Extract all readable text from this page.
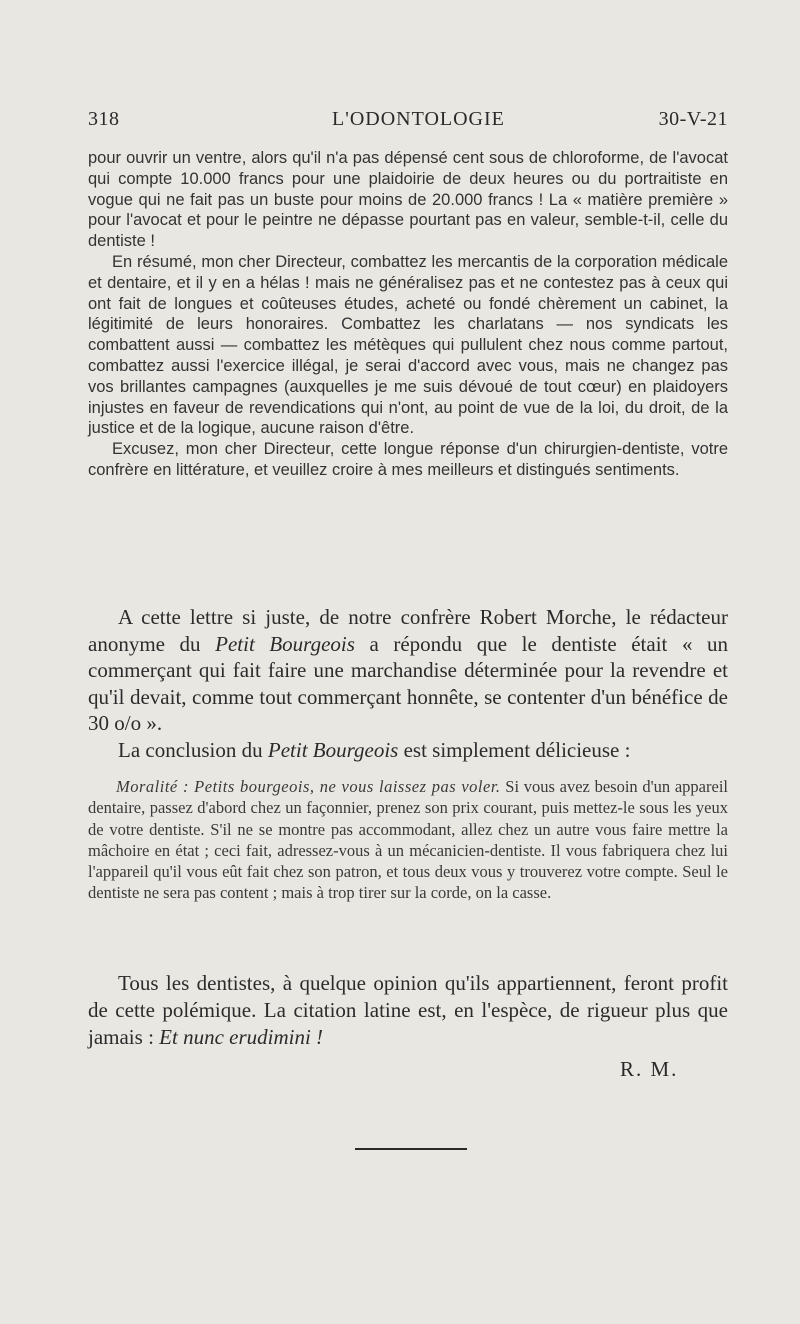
318	L'ODONTOLOGIE	30-V-21

pour ouvrir un ventre, alors qu'il n'a pas dépensé cent sous de chloroforme, de l'avocat qui compte 10.000 francs pour une plaidoirie de deux heures ou du portraitiste en vogue qui ne fait pas un buste pour moins de 20.000 francs ! La « matière première » pour l'avocat et pour le peintre ne dépasse pourtant pas en valeur, semble-t-il, celle du dentiste !

En résumé, mon cher Directeur, combattez les mercantis de la corporation médicale et dentaire, et il y en a hélas ! mais ne généralisez pas et ne contestez pas à ceux qui ont fait de longues et coûteuses études, acheté ou fondé chèrement un cabinet, la légitimité de leurs honoraires. Combattez les charlatans — nos syndicats les combattent aussi — combattez les métèques qui pullulent chez nous comme partout, combattez aussi l'exercice illégal, je serai d'accord avec vous, mais ne changez pas vos brillantes campagnes (auxquelles je me suis dévoué de tout cœur) en plaidoyers injustes en faveur de revendications qui n'ont, au point de vue de la loi, du droit, de la justice et de la logique, aucune raison d'être.

Excusez, mon cher Directeur, cette longue réponse d'un chirurgien-dentiste, votre confrère en littérature, et veuillez croire à mes meilleurs et distingués sentiments.

A cette lettre si juste, de notre confrère Robert Morche, le rédacteur anonyme du Petit Bourgeois a répondu que le dentiste était « un commerçant qui fait faire une marchandise déterminée pour la revendre et qu'il devait, comme tout commerçant honnête, se contenter d'un bénéfice de 30 o/o ».

La conclusion du Petit Bourgeois est simplement délicieuse :

Moralité : Petits bourgeois, ne vous laissez pas voler. Si vous avez besoin d'un appareil dentaire, passez d'abord chez un façonnier, prenez son prix courant, puis mettez-le sous les yeux de votre dentiste. S'il ne se montre pas accommodant, allez chez un autre vous faire mettre la mâchoire en état ; ceci fait, adressez-vous à un mécanicien-dentiste. Il vous fabriquera chez lui l'appareil qu'il vous eût fait chez son patron, et tous deux vous y trouverez votre compte. Seul le dentiste ne sera pas content ; mais à trop tirer sur la corde, on la casse.

Tous les dentistes, à quelque opinion qu'ils appartiennent, feront profit de cette polémique. La citation latine est, en l'espèce, de rigueur plus que jamais : Et nunc erudimini !

R. M.
